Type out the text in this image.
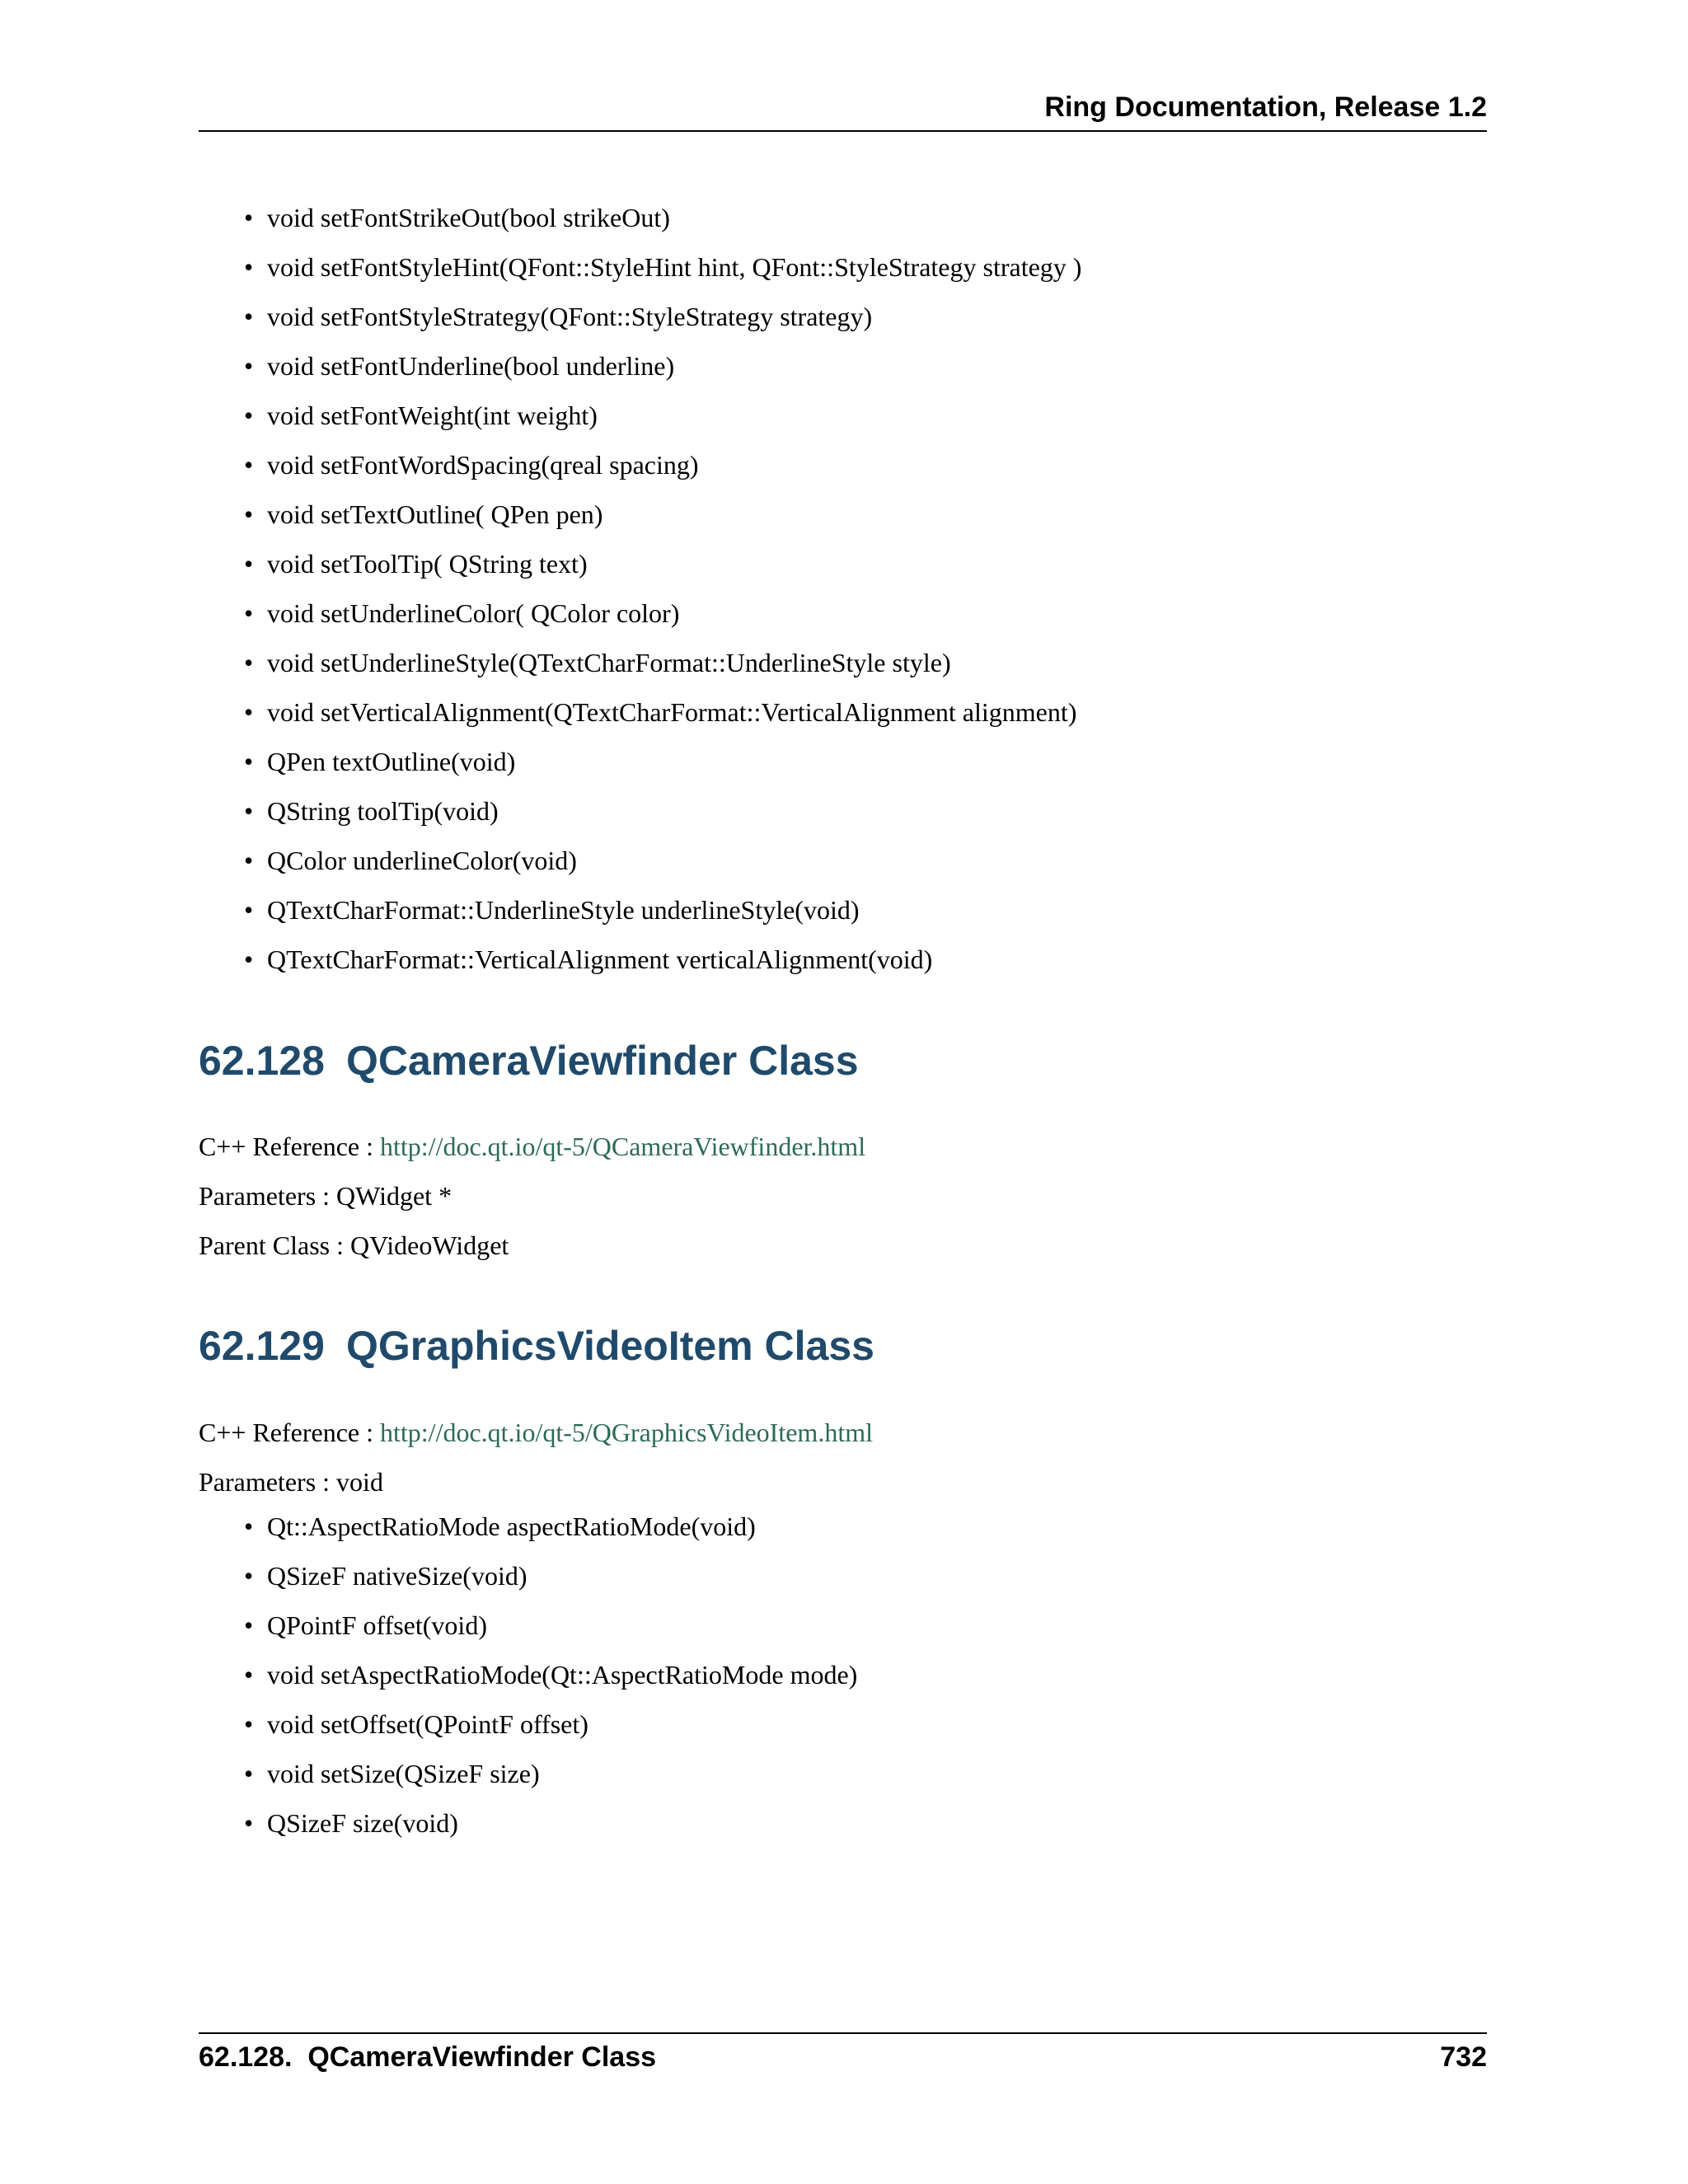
Ring Documentation, Release 1.2
• void setFontStrikeOut(bool strikeOut)
• void setFontStyleHint(QFont::StyleHint hint, QFont::StyleStrategy strategy )
• void setFontStyleStrategy(QFont::StyleStrategy strategy)
• void setFontUnderline(bool underline)
• void setFontWeight(int weight)
• void setFontWordSpacing(qreal spacing)
• void setTextOutline( QPen pen)
• void setToolTip( QString text)
• void setUnderlineColor( QColor color)
• void setUnderlineStyle(QTextCharFormat::UnderlineStyle style)
• void setVerticalAlignment(QTextCharFormat::VerticalAlignment alignment)
• QPen textOutline(void)
• QString toolTip(void)
• QColor underlineColor(void)
• QTextCharFormat::UnderlineStyle underlineStyle(void)
• QTextCharFormat::VerticalAlignment verticalAlignment(void)
62.128 QCameraViewfinder Class
C++ Reference : http://doc.qt.io/qt-5/QCameraViewfinder.html
Parameters : QWidget *
Parent Class : QVideoWidget
62.129 QGraphicsVideoItem Class
C++ Reference : http://doc.qt.io/qt-5/QGraphicsVideoItem.html
Parameters : void
• Qt::AspectRatioMode aspectRatioMode(void)
• QSizeF nativeSize(void)
• QPointF offset(void)
• void setAspectRatioMode(Qt::AspectRatioMode mode)
• void setOffset(QPointF offset)
• void setSize(QSizeF size)
• QSizeF size(void)
62.128.  QCameraViewfinder Class	732
